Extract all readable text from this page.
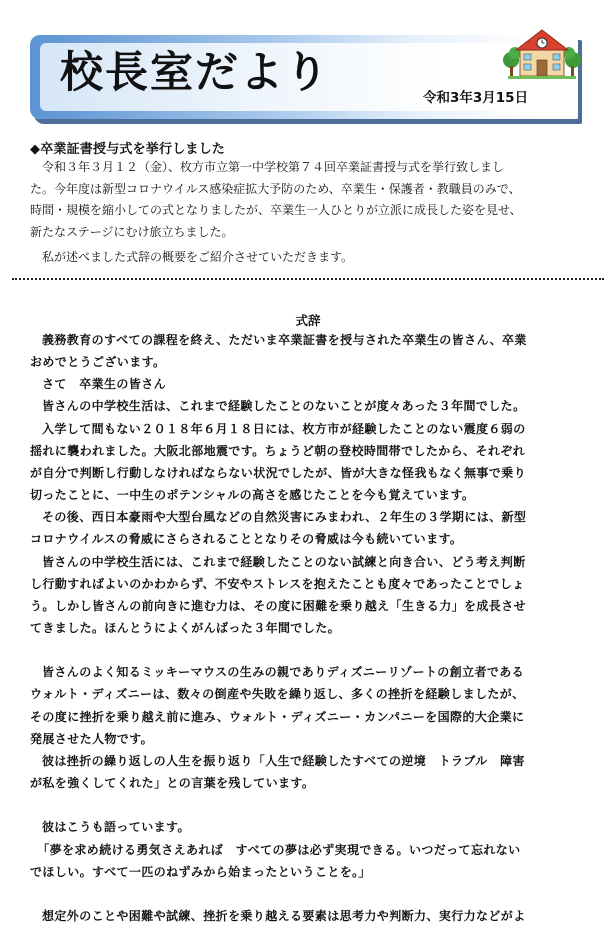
校長室だより	令和3年3月15日
◆卒業証書授与式を挙行しました

令和３年３月１２（金）、枚方市立第一中学校第７４回卒業証書授与式を挙行致しまし

た。今年度は新型コロナウイルス感染症拡大予防のため、卒業生・保護者・教職員のみで、

時間・規模を縮小しての式となりましたが、卒業生一人ひとりが立派に成長した姿を見せ、

新たなステージにむけ旅立ちました。

私が述べました式辞の概要をご紹介させていただきます。

式辞

義務教育のすべての課程を終え、ただいま卒業証書を授与された卒業生の皆さん、卒業

おめでとうございます。

さて　卒業生の皆さん

皆さんの中学校生活は、これまで経験したことのないことが度々あった３年間でした。

入学して間もない２０１８年６月１８日には、枚方市が経験したことのない震度６弱の

揺れに襲われました。大阪北部地震です。ちょうど朝の登校時間帯でしたから、それぞれ

が自分で判断し行動しなければならない状況でしたが、皆が大きな怪我もなく無事で乗り

切ったことに、一中生のポテンシャルの高さを感じたことを今も覚えています。

その後、西日本豪雨や大型台風などの自然災害にみまわれ、２年生の３学期には、新型

コロナウイルスの脅威にさらされることとなりその脅威は今も続いています。

皆さんの中学校生活には、これまで経験したことのない試練と向き合い、どう考え判断

し行動すればよいのかわからず、不安やストレスを抱えたことも度々であったことでしょ

う。しかし皆さんの前向きに進む力は、その度に困難を乗り越え「生きる力」を成長させ

てきました。ほんとうによくがんばった３年間でした。

皆さんのよく知るミッキーマウスの生みの親でありディズニーリゾートの創立者である

ウォルト・ディズニーは、数々の倒産や失敗を繰り返し、多くの挫折を経験しましたが、

その度に挫折を乗り越え前に進み、ウォルト・ディズニー・カンパニーを国際的大企業に

発展させた人物です。

彼は挫折の繰り返しの人生を振り返り「人生で経験したすべての逆境　トラブル　障害

が私を強くしてくれた」との言葉を残しています。

彼はこうも語っています。

「夢を求め続ける勇気さえあれば　すべての夢は必ず実現できる。いつだって忘れない

でほしい。すべて一匹のねずみから始まったということを。」

想定外のことや困難や試練、挫折を乗り越える要素は思考力や判断力、実行力などがよ
